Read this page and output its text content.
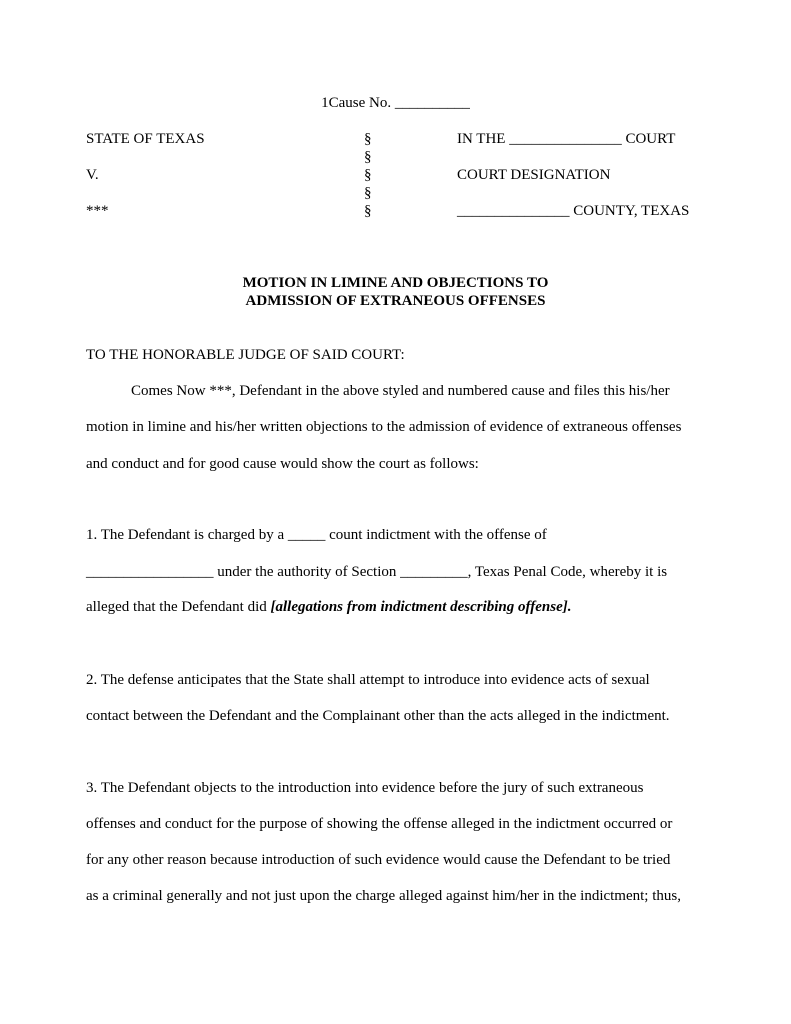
1Cause No. __________
STATE OF TEXAS
V.
***
§
§
§
§
§
IN THE _______________ COURT
COURT DESIGNATION
_______________ COUNTY, TEXAS
MOTION IN LIMINE AND OBJECTIONS TO
ADMISSION OF EXTRANEOUS OFFENSES
TO THE HONORABLE JUDGE OF SAID COURT:
Comes Now ***, Defendant in the above styled and numbered cause and files this his/her
motion in limine and his/her written objections to the admission of evidence of extraneous offenses
and conduct and for good cause would show the court as follows:
1. The Defendant is charged by a _____ count indictment with the offense of
_________________ under the authority of Section _________, Texas Penal Code, whereby it is
alleged that the Defendant did [allegations from indictment describing offense].
2. The defense anticipates that the State shall attempt to introduce into evidence acts of sexual
contact between the Defendant and the Complainant other than the acts alleged in the indictment.
3. The Defendant objects to the introduction into evidence before the jury of such extraneous
offenses and conduct for the purpose of showing the offense alleged in the indictment occurred or
for any other reason because introduction of such evidence would cause the Defendant to be tried
as a criminal generally and not just upon the charge alleged against him/her in the indictment; thus,
